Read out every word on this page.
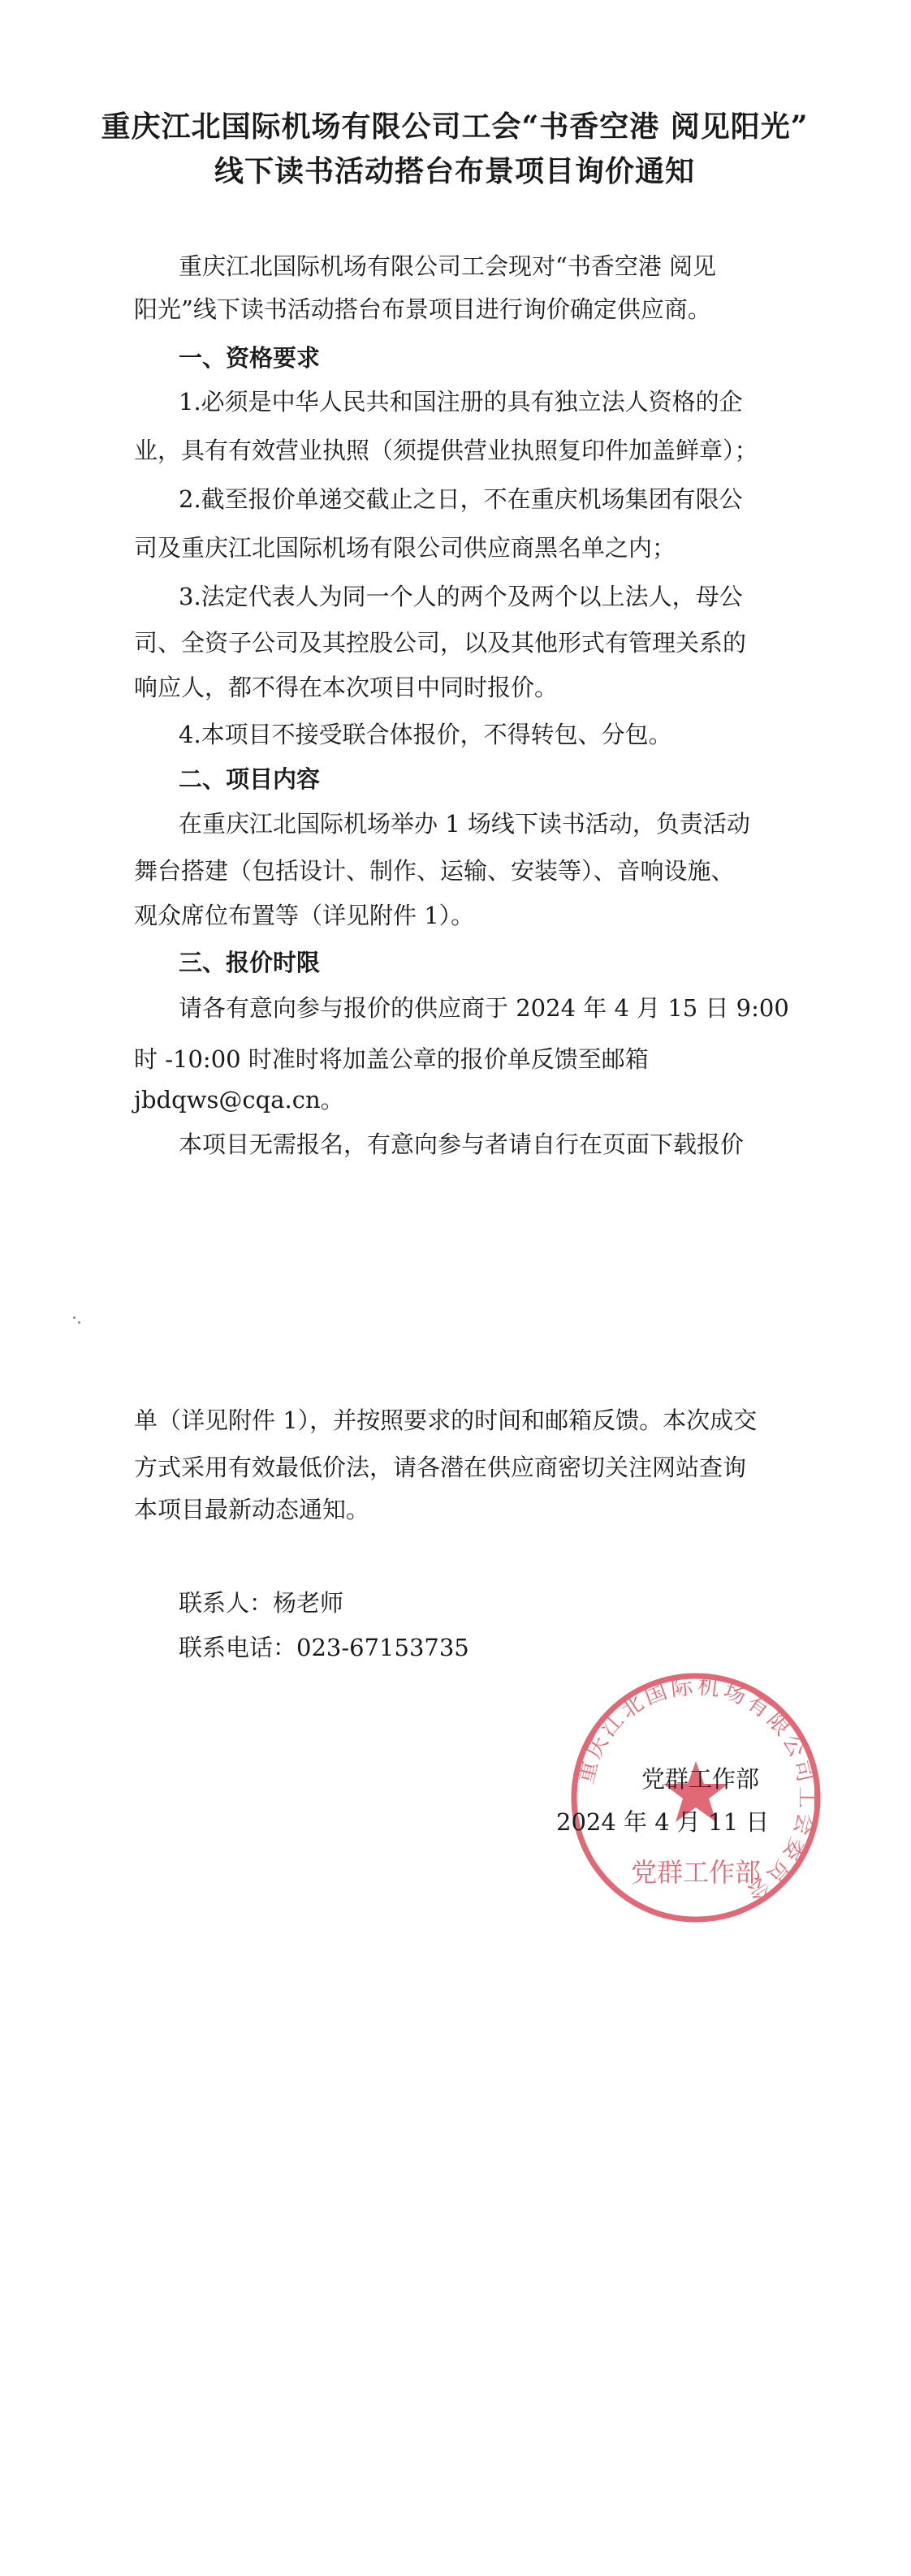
重庆江北国际机场有限公司工会“书香空港 阅见阳光”
线下读书活动搭台布景项目询价通知
重庆江北国际机场有限公司工会现对“书香空港 阅见
阳光”线下读书活动搭台布景项目进行询价确定供应商。
一、资格要求
1.必须是中华人民共和国注册的具有独立法人资格的企
业，具有有效营业执照（须提供营业执照复印件加盖鲜章）；
2.截至报价单递交截止之日，不在重庆机场集团有限公
司及重庆江北国际机场有限公司供应商黑名单之内；
3.法定代表人为同一个人的两个及两个以上法人，母公
司、全资子公司及其控股公司，以及其他形式有管理关系的
响应人，都不得在本次项目中同时报价。
4.本项目不接受联合体报价，不得转包、分包。
二、项目内容
在重庆江北国际机场举办 1 场线下读书活动，负责活动
舞台搭建（包括设计、制作、运输、安装等）、音响设施、
观众席位布置等（详见附件 1）。
三、报价时限
请各有意向参与报价的供应商于 2024 年 4 月 15 日 9:00
时 -10:00 时准时将加盖公章的报价单反馈至邮箱
jbdqws@cqa.cn。
本项目无需报名，有意向参与者请自行在页面下载报价
单（详见附件 1），并按照要求的时间和邮箱反馈。本次成交
方式采用有效最低价法，请各潜在供应商密切关注网站查询
本项目最新动态通知。
联系人：杨老师
联系电话：023-67153735
重庆江北国际机场有限公司工会委员会
党群工作部
党群工作部
2024 年 4 月 11 日
